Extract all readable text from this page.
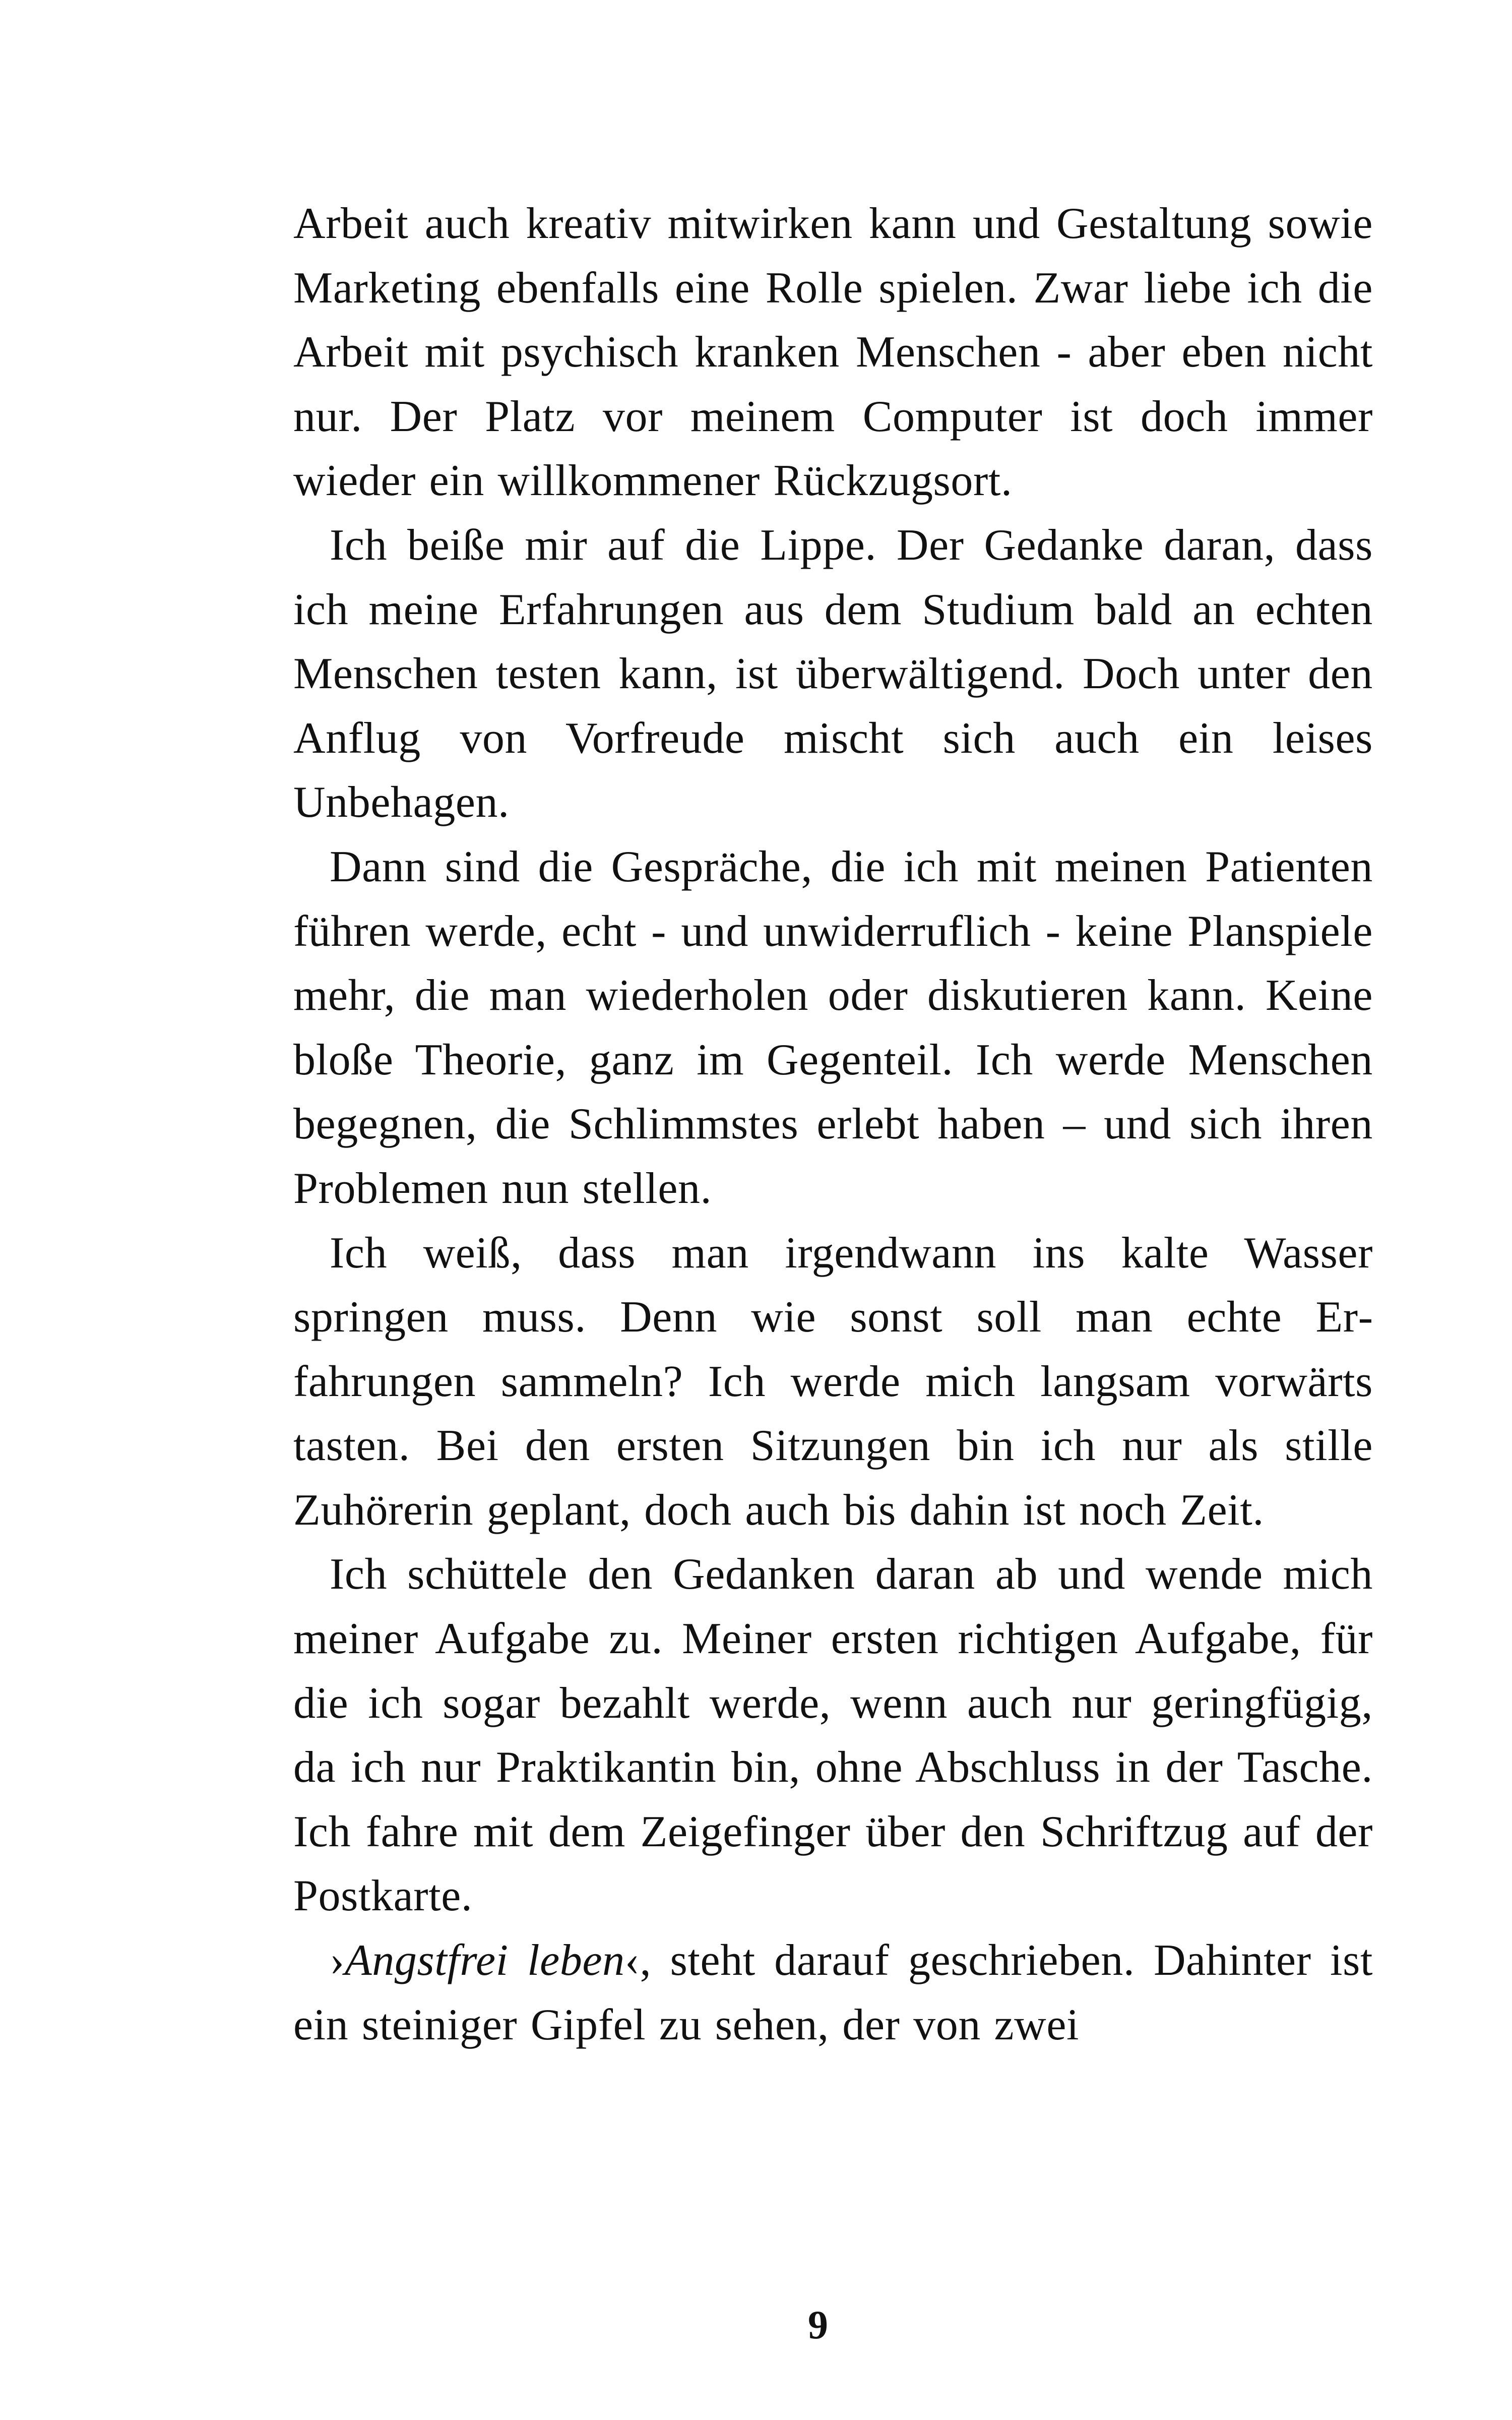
Arbeit auch kreativ mitwirken kann und Gestaltung sowie Marketing ebenfalls eine Rolle spielen. Zwar liebe ich die Arbeit mit psychisch kranken Menschen - aber eben nicht nur. Der Platz vor meinem Computer ist doch immer wieder ein willkommener Rückzugsort.

Ich beiße mir auf die Lippe. Der Gedanke daran, dass ich meine Erfahrungen aus dem Studium bald an echten Menschen testen kann, ist überwältigend. Doch unter den Anflug von Vorfreude mischt sich auch ein leises Unbehagen.

Dann sind die Gespräche, die ich mit meinen Patienten führen werde, echt - und unwiderruflich - keine Planspiele mehr, die man wiederholen oder diskutieren kann. Keine bloße Theorie, ganz im Gegenteil. Ich werde Menschen begegnen, die Schlimmstes erlebt haben – und sich ihren Problemen nun stellen.

Ich weiß, dass man irgendwann ins kalte Wasser springen muss. Denn wie sonst soll man echte Erfahrungen sammeln? Ich werde mich langsam vorwärts tasten. Bei den ersten Sitzungen bin ich nur als stille Zuhörerin geplant, doch auch bis dahin ist noch Zeit.

Ich schüttele den Gedanken daran ab und wende mich meiner Aufgabe zu. Meiner ersten richtigen Aufgabe, für die ich sogar bezahlt werde, wenn auch nur geringfügig, da ich nur Praktikantin bin, ohne Abschluss in der Tasche. Ich fahre mit dem Zeigefinger über den Schriftzug auf der Postkarte.

›Angstfrei leben‹, steht darauf geschrieben. Dahinter ist ein steiniger Gipfel zu sehen, der von zwei

9
